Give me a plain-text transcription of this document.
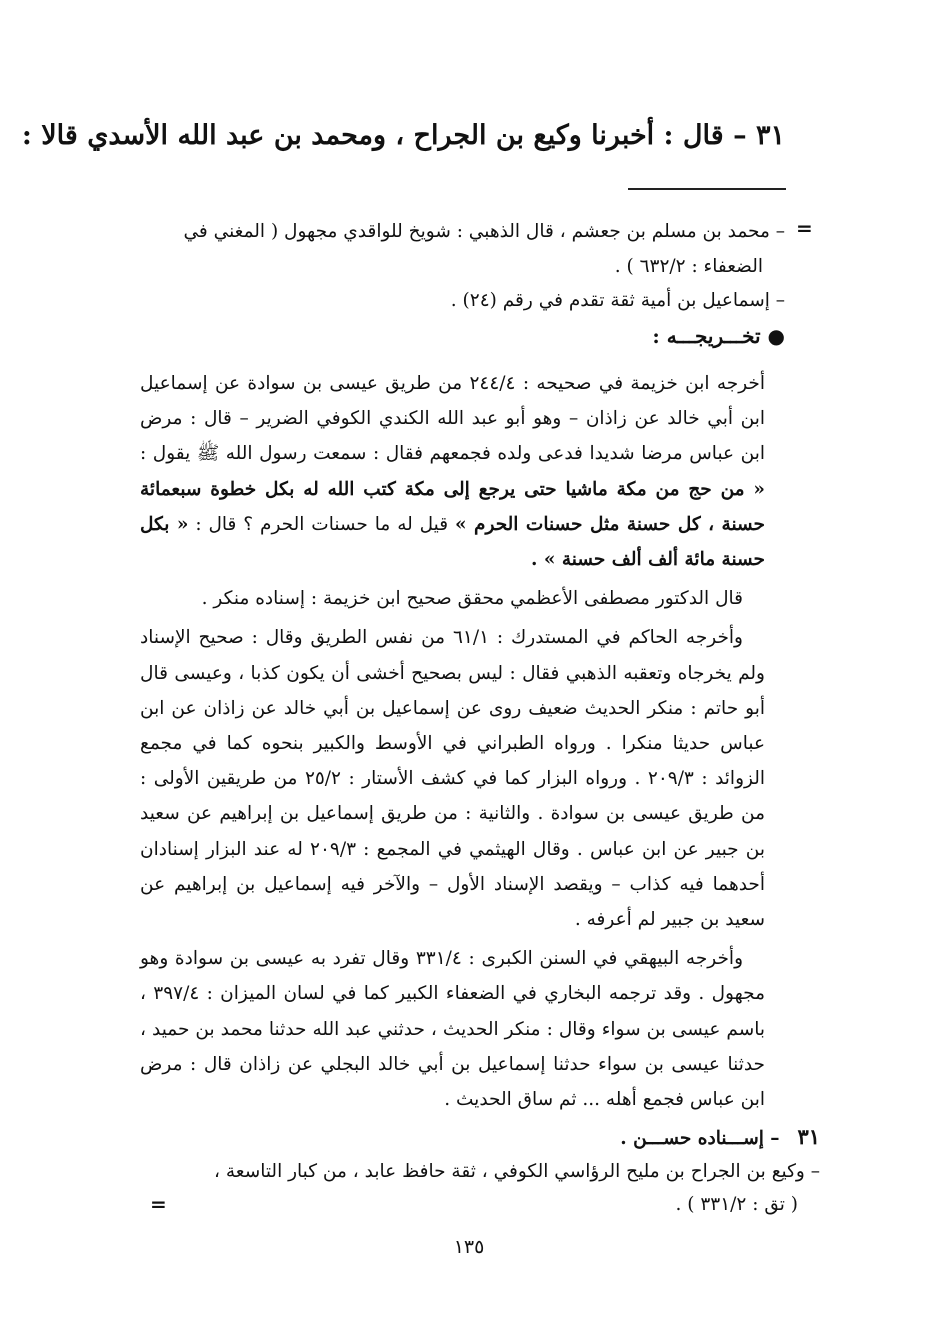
٣١ – قال : أخبرنا وكيع بن الجراح ، ومحمد بن عبد الله الأسدي قالا :
=

– محمد بن مسلم بن جعشم ، قال الذهبي : شويخ للواقدي مجهول ( المغني في

الضعفاء : ٦٣٢/٢ ) .

– إسماعيل بن أمية ثقة تقدم في رقم (٢٤) .

● تخـــريجـــه :

أخرجه ابن خزيمة في صحيحه : ٢٤٤/٤ من طريق عيسى بن سوادة عن إسماعيل ابن أبي خالد عن زاذان – وهو أبو عبد الله الكندي الكوفي الضرير – قال : مرض ابن عباس مرضا شديدا فدعى ولده فجمعهم فقال : سمعت رسول الله ﷺ يقول : « من حج من مكة ماشيا حتى يرجع إلى مكة كتب الله له بكل خطوة سبعمائة حسنة ، كل حسنة مثل حسنات الحرم » قيل له ما حسنات الحرم ؟ قال : « بكل حسنة مائة ألف ألف حسنة » .

قال الدكتور مصطفى الأعظمي محقق صحيح ابن خزيمة : إسناده منكر .

وأخرجه الحاكم في المستدرك : ٦١/١ من نفس الطريق وقال : صحيح الإسناد ولم يخرجاه وتعقبه الذهبي فقال : ليس بصحيح أخشى أن يكون كذبا ، وعيسى قال أبو حاتم : منكر الحديث ضعيف روى عن إسماعيل بن أبي خالد عن زاذان عن ابن عباس حديثا منكرا . ورواه الطبراني في الأوسط والكبير بنحوه كما في مجمع الزوائد : ٢٠٩/٣ . ورواه البزار كما في كشف الأستار : ٢٥/٢ من طريقين الأولى : من طريق عيسى بن سوادة . والثانية : من طريق إسماعيل بن إبراهيم عن سعيد بن جبير عن ابن عباس . وقال الهيثمي في المجمع : ٢٠٩/٣ له عند البزار إسنادان أحدهما فيه كذاب – ويقصد الإسناد الأول – والآخر فيه إسماعيل بن إبراهيم عن سعيد بن جبير لم أعرفه .

وأخرجه البيهقي في السنن الكبرى : ٣٣١/٤ وقال تفرد به عيسى بن سوادة وهو مجهول . وقد ترجمه البخاري في الضعفاء الكبير كما في لسان الميزان : ٣٩٧/٤ ، باسم عيسى بن سواء وقال : منكر الحديث ، حدثني عبد الله حدثنا محمد بن حميد ، حدثنا عيسى بن سواء حدثنا إسماعيل بن أبي خالد البجلي عن زاذان قال : مرض ابن عباس فجمع أهله ... ثم ساق الحديث .

٣١ – إســـناده حســـن .

– وكيع بن الجراح بن مليح الرؤاسي الكوفي ، ثقة حافظ عابد ، من كبار التاسعة ،

( تق : ٣٣١/٢ ) .

=
١٣٥
